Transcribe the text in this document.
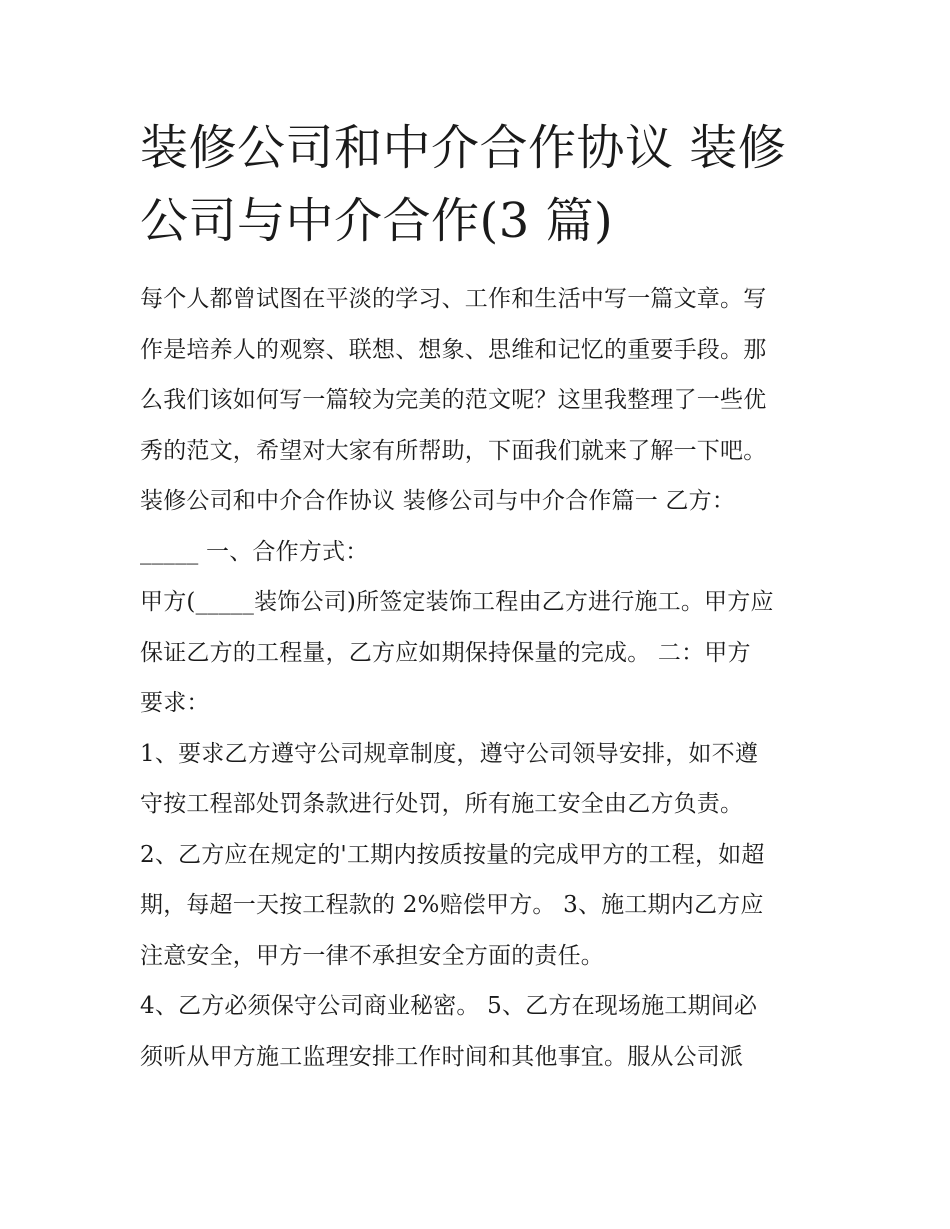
装修公司和中介合作协议 装修
公司与中介合作(3 篇)

每个人都曾试图在平淡的学习、工作和生活中写一篇文章。写
作是培养人的观察、联想、想象、思维和记忆的重要手段。那
么我们该如何写一篇较为完美的范文呢？这里我整理了一些优
秀的范文，希望对大家有所帮助，下面我们就来了解一下吧。

装修公司和中介合作协议 装修公司与中介合作篇一 乙方：
_____ 一、合作方式：

甲方(_____装饰公司)所签定装饰工程由乙方进行施工。甲方应
保证乙方的工程量，乙方应如期保持保量的完成。 二：甲方
要求：

1、要求乙方遵守公司规章制度，遵守公司领导安排，如不遵
守按工程部处罚条款进行处罚，所有施工安全由乙方负责。

2、乙方应在规定的'工期内按质按量的完成甲方的工程，如超
期，每超一天按工程款的 2%赔偿甲方。 3、施工期内乙方应
注意安全，甲方一律不承担安全方面的责任。

4、乙方必须保守公司商业秘密。 5、乙方在现场施工期间必
须听从甲方施工监理安排工作时间和其他事宜。服从公司派
